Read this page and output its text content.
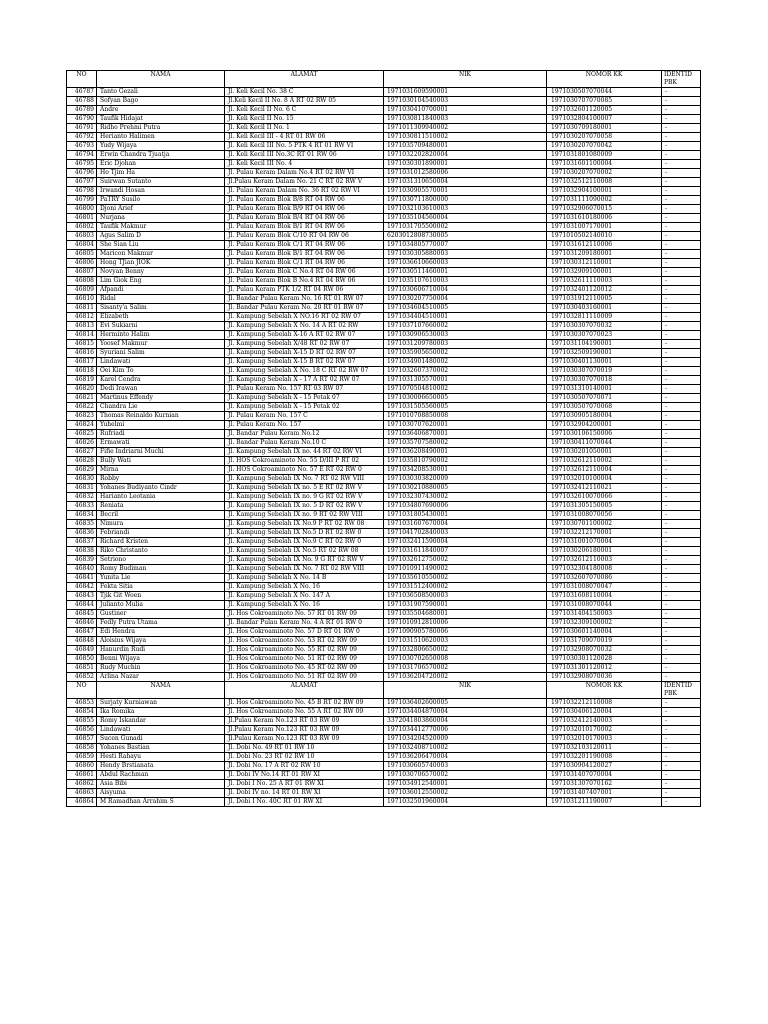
NO	NAMA	ALAMAT	NIK	NOMOR KK	IDENTID
PBK

46787	Tanto Gezali	Jl. Keli Kecil No. 38 C	1971031609590001	1971030507070044	-
46788	Sofyan Bago	Jl.Keli Kecil II No. 8 A RT 02 RW 05	1971030104540003	1971030707070085	-
46789	Andre	Jl. Keli Kecil II No. 6 C	1971030410700001	1971032601120005	-
46790	Taufik Hidajat	Jl. Keli Kecil II No. 15	1971030811840003	1971032804100007	-
46791	Ridho Prehmi Putra	Jl. Keli Kecil II No. 1	1971011309940002	1971030709180001	-
46792	Herianto Halimen	Jl. Keli Kecil III - 4 RT 01 RW 06	1971030811510002	1971030207070058	-
46793	Yudy Wijaya	Jl. Keli Kecil III No. 5 PTK 4 RT 01 RW VI	1971035709480001	1971030207070042	-
46794	Erwin Chandra Tjuatja	Jl. Keli Kecil III No.3C RT 01 RW 06	1971032202820004	1971031801080009	-
46795	Eric Djohan	Jl. Keli Kecil III No. 4	1971030301890001	1971031601100004	-
46796	Ho Tjim Ha	Jl. Pulau Keram Dalam No.4 RT 02 RW VI	1971031012580006	1971030207070002	-
46797	Suirwan Sutanto	Jl.Pulau Keram Dalam No. 21 C RT 02 RW V	1971031310650004	1971032512110008	-
46798	Irwandi Hosan	Jl. Pulau Keram Dalam No. 36 RT 02 RW VI	1971030905570001	1971032904100001	-
46799	PaTRY Susilo	Jl. Pulau Keram Blok B/8 RT 04 RW 06	1971030711800000	1971031111090002	-
46800	Djoni Arief	Jl. Pulau Keram Blok B/9 RT 04 RW 06	1971032103610003	1971032906070015	-
46801	Nurjana	Jl. Pulau Keram Blok B/4 RT 04 RW 06	1971035104560004	1971031610180006	-
46802	Taufik Makmur	Jl. Pulau Keram Blok B/1 RT 04 RW 06	1971031705500002	1971031007170001	-
46803	Agus Salim D	Jl. Pulau Keram Blok C/10 RT 04 RW 06	6203012808730005	1971010502140010	-
46804	She Sian Liu	Jl. Pulau Keram Blok C/1 RT 04 RW 06	1971034805770007	1971031612110006	-
46805	Maricon Makmur	Jl. Pulau Keram Blok B/1 RT 04 RW 06	1971030305880003	1971031209180001	-
46806	Hong TJian JIOK	Jl. Pulau Keram Blok C/1 RT 04 RW 06	1971036610660003	1971030312110001	-
46807	Novyan Benny	Jl. Pulau Keram Blok C No.4 RT 04 RW 06	1971030511460001	1971032909100001	-
46808	Lim Giok Eng	Jl. Pulau Keram Blok B No.4 RT 04 RW 06	1971035107610003	1971032611110003	-
46809	Afpandi	Jl. Pulau Keram PTK 1/2 RT 04 RW 06	1971030606710004	1971032401120012	-
46810	Ridal	Jl. Bandar Pulau Keram No. 16 RT 01 RW 07	1971030207750004	1971031912110005	-
46811	Sisanty'a Salim	Jl. Bandar Pulau Keram No. 20 RT 01 RW 07	1971034604510005	1971030403160001	-
46812	Elizabeth	Jl. Kampung Sebelah X NO.16 RT 02 RW 07	1971034404510001	1971032811110009	-
46813	Evi Sukiarni	Jl. Kampung Sebelah X No. 14 A RT 02 RW	1971037107660002	1971030307070032	-
46814	Herminto Halim	Jl. Kampung Sebelah X-16 A RT 02 RW 07	1971030906530003	1971030307070023	-
46815	Yoosef Makmur	Jl. Kampung Sebelah X/48 RT 02 RW 07	1971031209780003	1971031104190001	-
46816	Syuriani Salim	Jl. Kampung Sebelah X-15 D RT 02 RW 07	1971035905650002	1971032509190001	-
46817	Lindawati	Jl. Kampung Sebelah X-15 B RT 02 RW 07	1971034901480002	1971030401130001	-
46818	Oei Kim To	Jl. Kampung Sebelah X No. 18 C RT 02 RW 07	1971032607370002	1971030307070019	-
46819	Karel Cendra	Jl. Kampung Sebelah X - 17 A RT 02 RW 07	1971031305570001	1971030307070018	-
46820	Dedi Irawan	Jl. Pulau Keram No. 157 RT 03 RW 07	1971070504810002	1971031310140001	-
46821	Martinus Effendy	Jl. Kampung Sebelah X - 15 Petak 07	1971030006650005	1971030507070071	-
46822	Chandra Lie	Jl. Kampung Sebelah X - 15 Petak 02	1971031505560005	1971030507070068	-
46823	Thomas Reinaldo Kurnian	Jl. Pulau Keram No. 157 C	1971010708850008	1971030905180004	-
46824	Yuhelmi	Jl. Pulau Keram No. 157	1971030707620001	1971032904200001	-
46825	Rufriadi	Jl. Bandar Pulau Keram No.12	1971036406870001	1971030106150006	-
46826	Ermawati	Jl. Bandar Pulau Keram No.10 C	1971035707580002	1971030411070044	-
46827	Fifie Indriarni Muchi	Jl. Kampung Sebelah IX no. 44 RT 02 RW VI	1971036208490001	1971030201050001	-
46828	Bully Wati	Jl. HOS Cokroaminoto No. 55 D/III P RT 02	1971035810790002	1971032612110002	-
46829	Mirna	Jl. HOS Cokroaminoto No. 57 E RT 02 RW 0	1971034208530001	1971032612110004	-
46830	Robby	Jl. Kampung Sebelah IX No. 7 RT 02 RW VIII	1971030303820009	1971032010100004	-
46831	Yohanes Budiyanto Cindr	Jl. Kampung Sebelah IX no. 5 E RT 02 RW V	1971030210880005	1971032412110021	-
46832	Harianto Leotania	Jl. Kampung Sebelah IX no. 9 G RT 02 RW V	1971032307430002	1971032610070066	-
46833	Reniata	Jl. Kampung Sebelah IX no. 5 D RT 02 RW V	1971034807690006	1971031305150005	-
46834	Becril	Jl. Kampung Sebelah IX no. 9 RT 02 RW VIII	1971031805430001	1971031008070056	-
46835	Nimura	Jl. Kampung Sebelah IX No.9 P RT 02 RW 08	1971031607670004	1971030701100002	-
46836	Febriandi	Jl. Kampung Sebelah IX No.5 D RT 02 RW 0	1971041702840003	1971032212170001	-
46837	Richard Kristen	Jl. Kampung Sebelah IX No.9 C RT 02 RW 0	1971032411590004	1971031001070004	-
46838	Riko Christanto	Jl. Kampung Sebelah IX No.5 RT 02 RW 08	1971031611840007	1971030206180001	-
46839	Setriono	Jl. Kampung Sebelah IX No. 9 G RT 02 RW V	1971032612750002	1971032612110003	-
46840	Romy Budiman	Jl. Kampung Sebelah IX No. 7 RT 02 RW VIII	1971010911490002	1971032304180008	-
46841	Yunita Lie	Jl. Kampung Sebelah X No. 14 B	1971035610550002	1971032607070086	-
46842	Fekta Sitia	Jl. Kampung Sebelah X No. 16	1971031512400002	1971031008070047	-
46843	Tjik Git Woen	Jl. Kampung Sebelah X No. 147 A	1971036508500003	1971031608110004	-
46844	Julianto Mulia	Jl. Kampung Sebelah X No. 16	1971031907590001	1971031008070044	-
46845	Gustiner	Jl. Hos Cokroaminoto No. 57 RT 01 RW 09	1971035504680001	1971031404150003	-
46846	Fedly Putra Utama	Jl. Bandar Pulau Keram No. 4 A RT 01 RW 0	1971010912810006	1971032309100002	-
46847	Edi Hendra	Jl. Hos Cokroaminoto No. 57 D RT 01 RW 0	1971090905780006	1971030601140004	-
46848	Aloisius Wijaya	Jl. Hos Cokroaminoto No. 53 RT 02 RW 09	1971031510620003	1971031709070019	-
46849	Hanurdin Rudi	Jl. Hos Cokroaminoto No. 55 RT 02 RW 09	1971032806650002	1971032908070032	-
46850	Benni Wijaya	Jl. Hos Cokroaminoto No. 51 RT 02 RW 09	1971030702650008	1971030301120028	-
46851	Rudy Muchin	Jl. Hos Cokroaminoto No. 45 RT 02 RW 09	1971031706570002	1971031301120012	-
46852	Arlina Nazar	Jl. Hos Cokroaminoto No. 51 RT 02 RW 09	1971036204720002	1971032908070036	-
NO	NAMA	ALAMAT	NIK	NOMOR KK	IDENTID
PBK

46853	Surjaty Kurniawan	Jl. Hos Cokroaminoto No. 45 B RT 02 RW 09	1971036402600005	1971032212110008	-
46854	Ika Romika	Jl. Hos Cokroaminoto No. 55 A RT 02 RW 09	1971034404870004	1971030406120004	-
46855	Romy Iskandar	Jl.Pulau Keram No.123 RT 03 RW 09	3372041803860004	1971032412140003	-
46856	Lindawati	Jl.Pulau Keram No.123 RT 03 RW 09	1971034412770006	1971032010170002	-
46857	Sucen Gunadi	Jl.Pulau Keram No.123 RT 03 RW 09	1971034204520009	1971032010170003	-
46858	Yohanes Bastian	Jl. Dobi No. 49 RT 01 RW 10	1971032408710002	1971032103120011	-
46859	Hesti Rahayu	Jl. Dobi No. 23 RT 02 RW 10	1971036206470004	1971032201190008	-
46860	Hendy Brstianata	Jl. Dobi No. 17 A RT 02 RW 10	1971030605740003	1971030904120027	-
46861	Abdul Rachman	Jl. Dobi IV No.14 RT 01 RW XI	1971030706570002	1971031407070004	-
46862	Asia Bibi	Jl. Dobi I No. 25 A RT 01 RW XI	1971034912540001	1971031307070162	-
46863	Aisyuma	Jl. Dobi IV no. 14 RT 01 RW XI	1971036012550002	1971031407407001	-
46864	M Ramadhan Arrahim S	Jl. Dobi I No. 40C RT 01 RW XI	1971032501960004	1971031211190007	-
